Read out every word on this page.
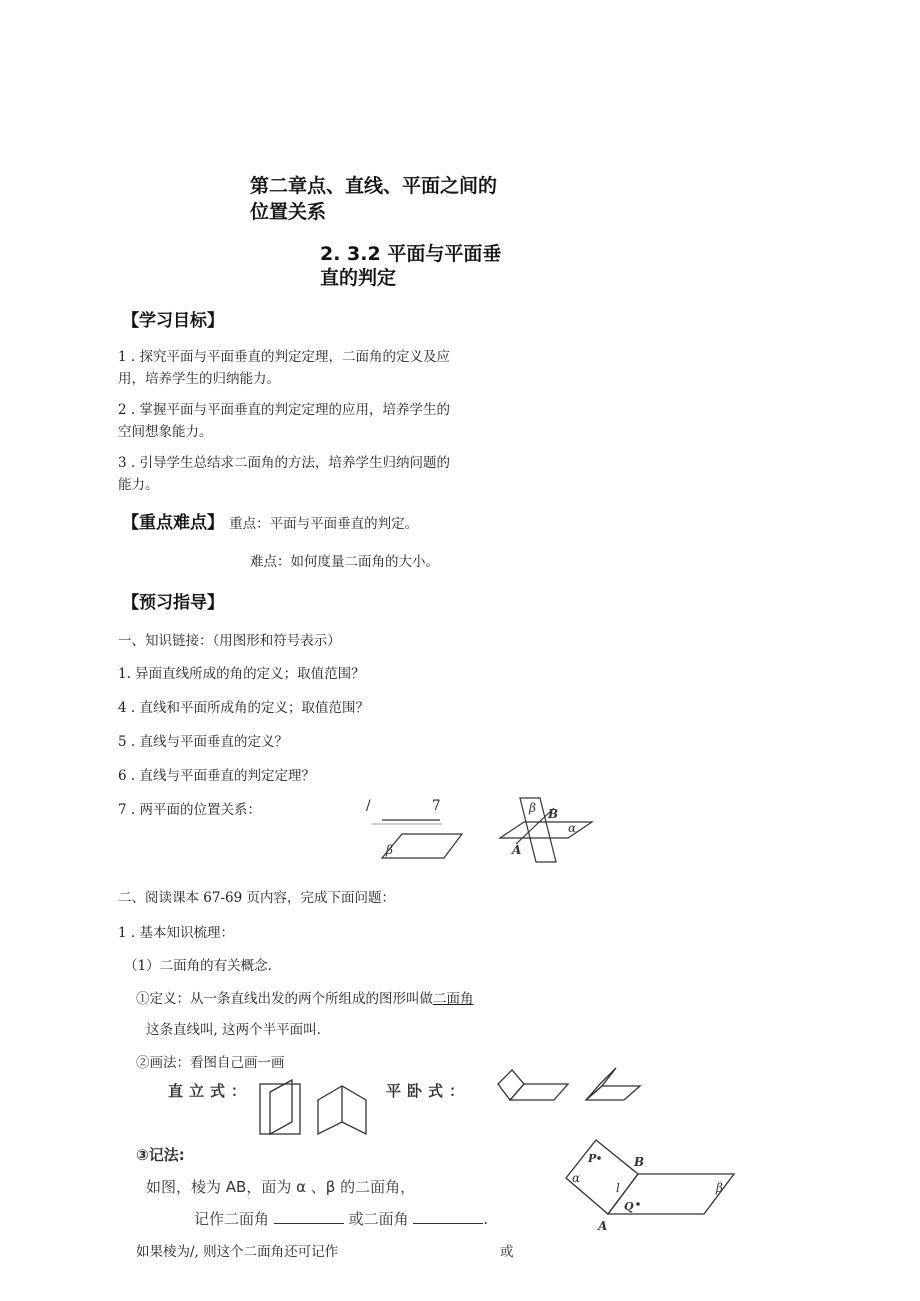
第二章点、直线、平面之间的
位置关系
2. 3.2 平面与平面垂
直的判定
【学习目标】
1 . 探究平面与平面垂直的判定定理，二面角的定义及应
用，培养学生的归纳能力。
2 . 掌握平面与平面垂直的判定定理的应用，培养学生的
空间想象能力。
3 . 引导学生总结求二面角的方法，培养学生归纳问题的
能力。
【重点难点】 重点：平面与平面垂直的判定。
难点：如何度量二面角的大小。
【预习指导】
一、知识链接：（用图形和符号表示）
1. 异面直线所成的角的定义；取值范围？
4 . 直线和平面所成角的定义；取值范围？
5 . 直线与平面垂直的定义？
6 . 直线与平面垂直的判定定理？
7 . 两平面的位置关系：	/	7
β
β B
α
A
二、阅读课本 67-69 页内容，完成下面问题：
1 . 基本知识梳理：
（1）二面角的有关概念.
①定义：从一条直线出发的两个所组成的图形叫做二面角
这条直线叫, 这两个半平面叫.
②画法：看图自己画一画
直立式：	平卧式：
③记法:
如图，棱为 AB，面为 α 、β 的二面角，
记作二面角	或二面角	.
如果棱为/, 则这个二面角还可记作	或
P
α
B
l
Q
β
A
